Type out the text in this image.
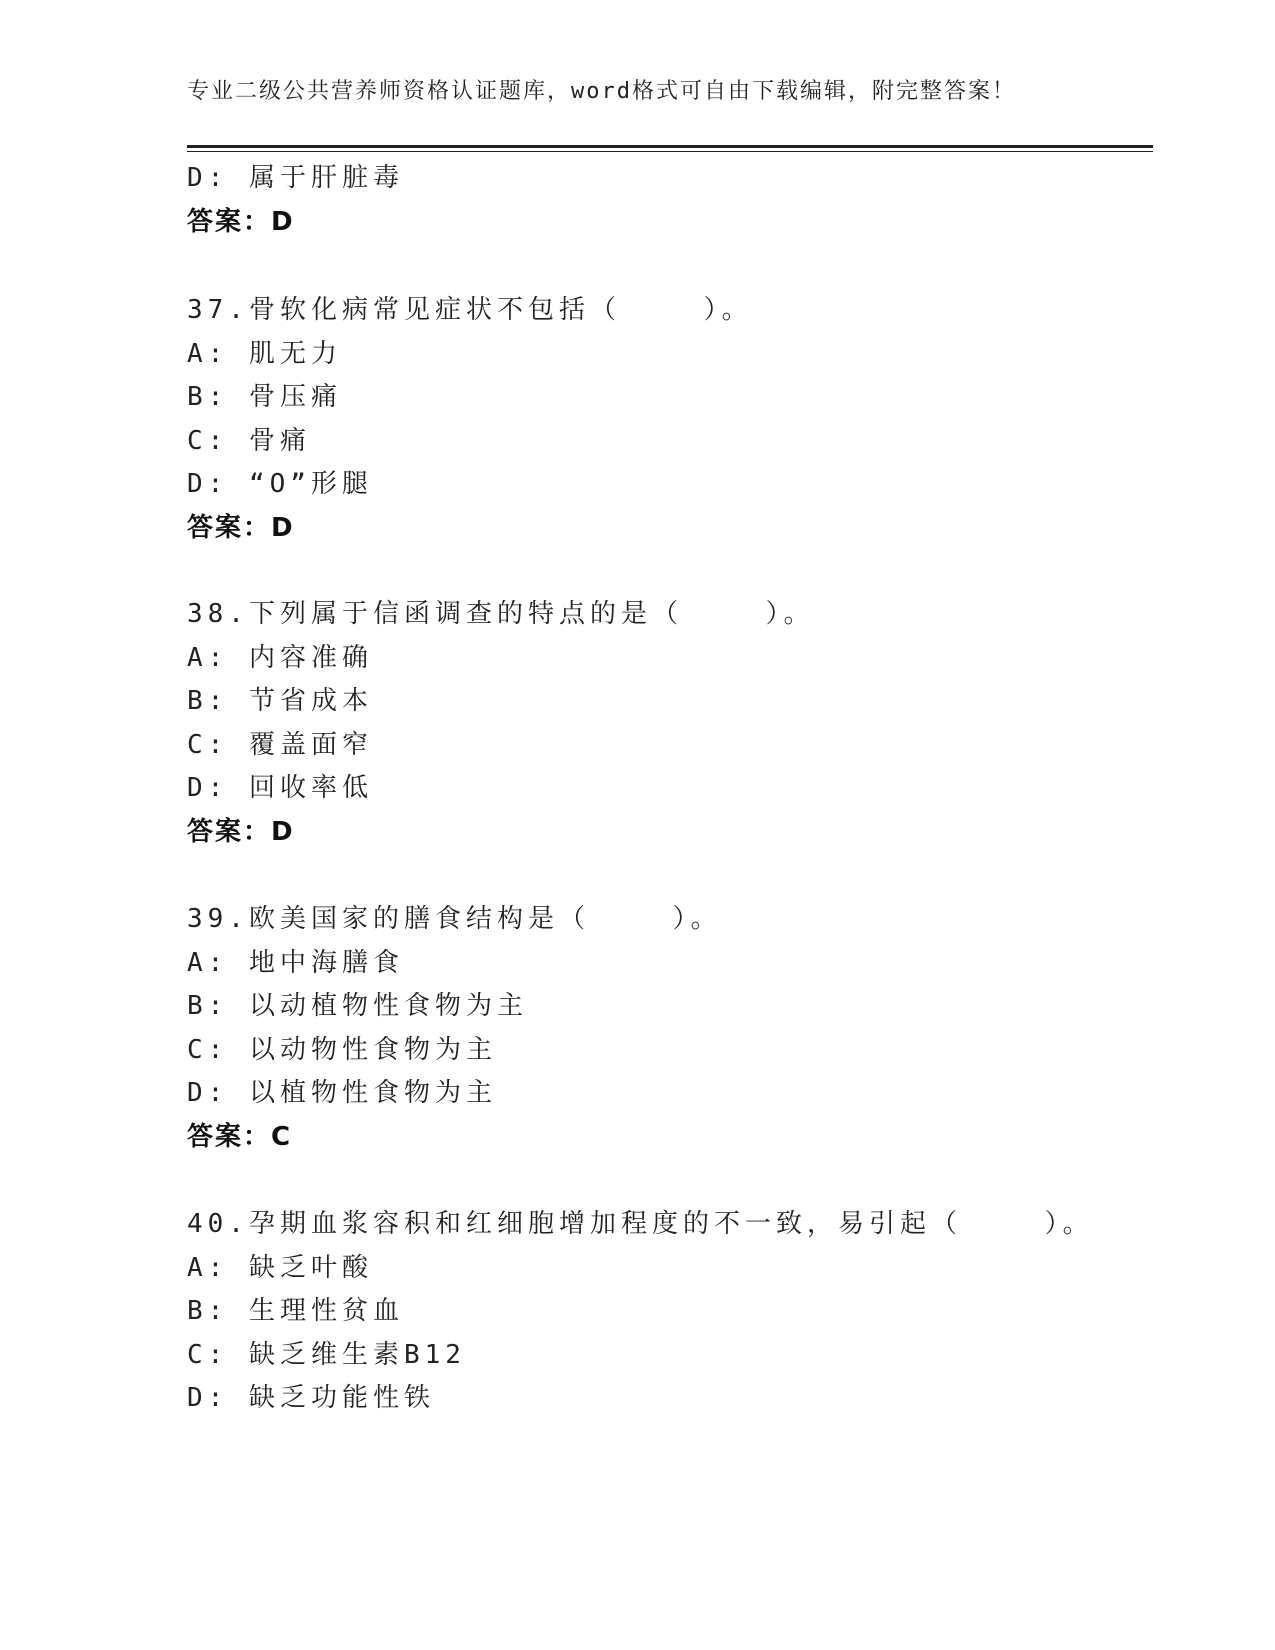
专业二级公共营养师资格认证题库，word格式可自由下载编辑，附完整答案！
D: 属于肝脏毒
答案：D
37.骨软化病常见症状不包括（    ）。
A: 肌无力
B: 骨压痛
C: 骨痛
D: “O”形腿
答案：D
38.下列属于信函调查的特点的是（    ）。
A: 内容准确
B: 节省成本
C: 覆盖面窄
D: 回收率低
答案：D
39.欧美国家的膳食结构是（    ）。
A: 地中海膳食
B: 以动植物性食物为主
C: 以动物性食物为主
D: 以植物性食物为主
答案：C
40.孕期血浆容积和红细胞增加程度的不一致，易引起（    ）。
A: 缺乏叶酸
B: 生理性贫血
C: 缺乏维生素B12
D: 缺乏功能性铁
